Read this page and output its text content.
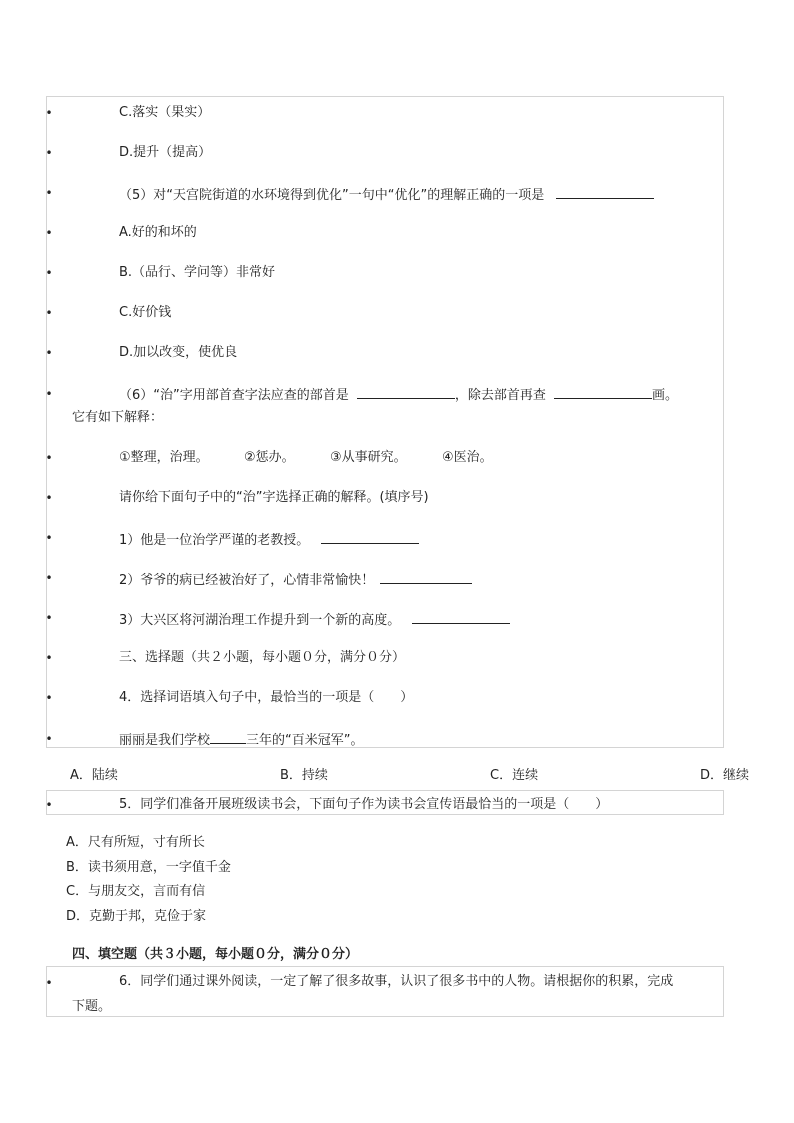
•	C.落实（果实）
•	D.提升（提高）
•	（5）对“天宫院街道的水环境得到优化”一句中“优化”的理解正确的一项是
•	A.好的和坏的
•	B.（品行、学问等）非常好
•	C.好价钱
•	D.加以改变，使优良
•	（6）“治”字用部首查字法应查的部首是	，除去部首再查	画。
它有如下解释：
•	①整理，治理。	②惩办。	③从事研究。	④医治。
•	请你给下面句子中的“治”字选择正确的解释。(填序号)
•	1）他是一位治学严谨的老教授。
•	2）爷爷的病已经被治好了，心情非常愉快！
•	3）大兴区将河湖治理工作提升到一个新的高度。
•	三、选择题（共２小题，每小题０分，满分０分）
•	4．选择词语填入句子中，最恰当的一项是（　　）
•	丽丽是我们学校	三年的“百米冠军”。
A．陆续	B．持续	C．连续	D．继续
•	5．同学们准备开展班级读书会，下面句子作为读书会宣传语最恰当的一项是（　　）
A．尺有所短，寸有所长
B．读书须用意，一字值千金
C．与朋友交，言而有信
D．克勤于邦，克俭于家
四、填空题（共３小题，每小题０分，满分０分）
•	6．同学们通过课外阅读，一定了解了很多故事，认识了很多书中的人物。请根据你的积累，完成
下题。
